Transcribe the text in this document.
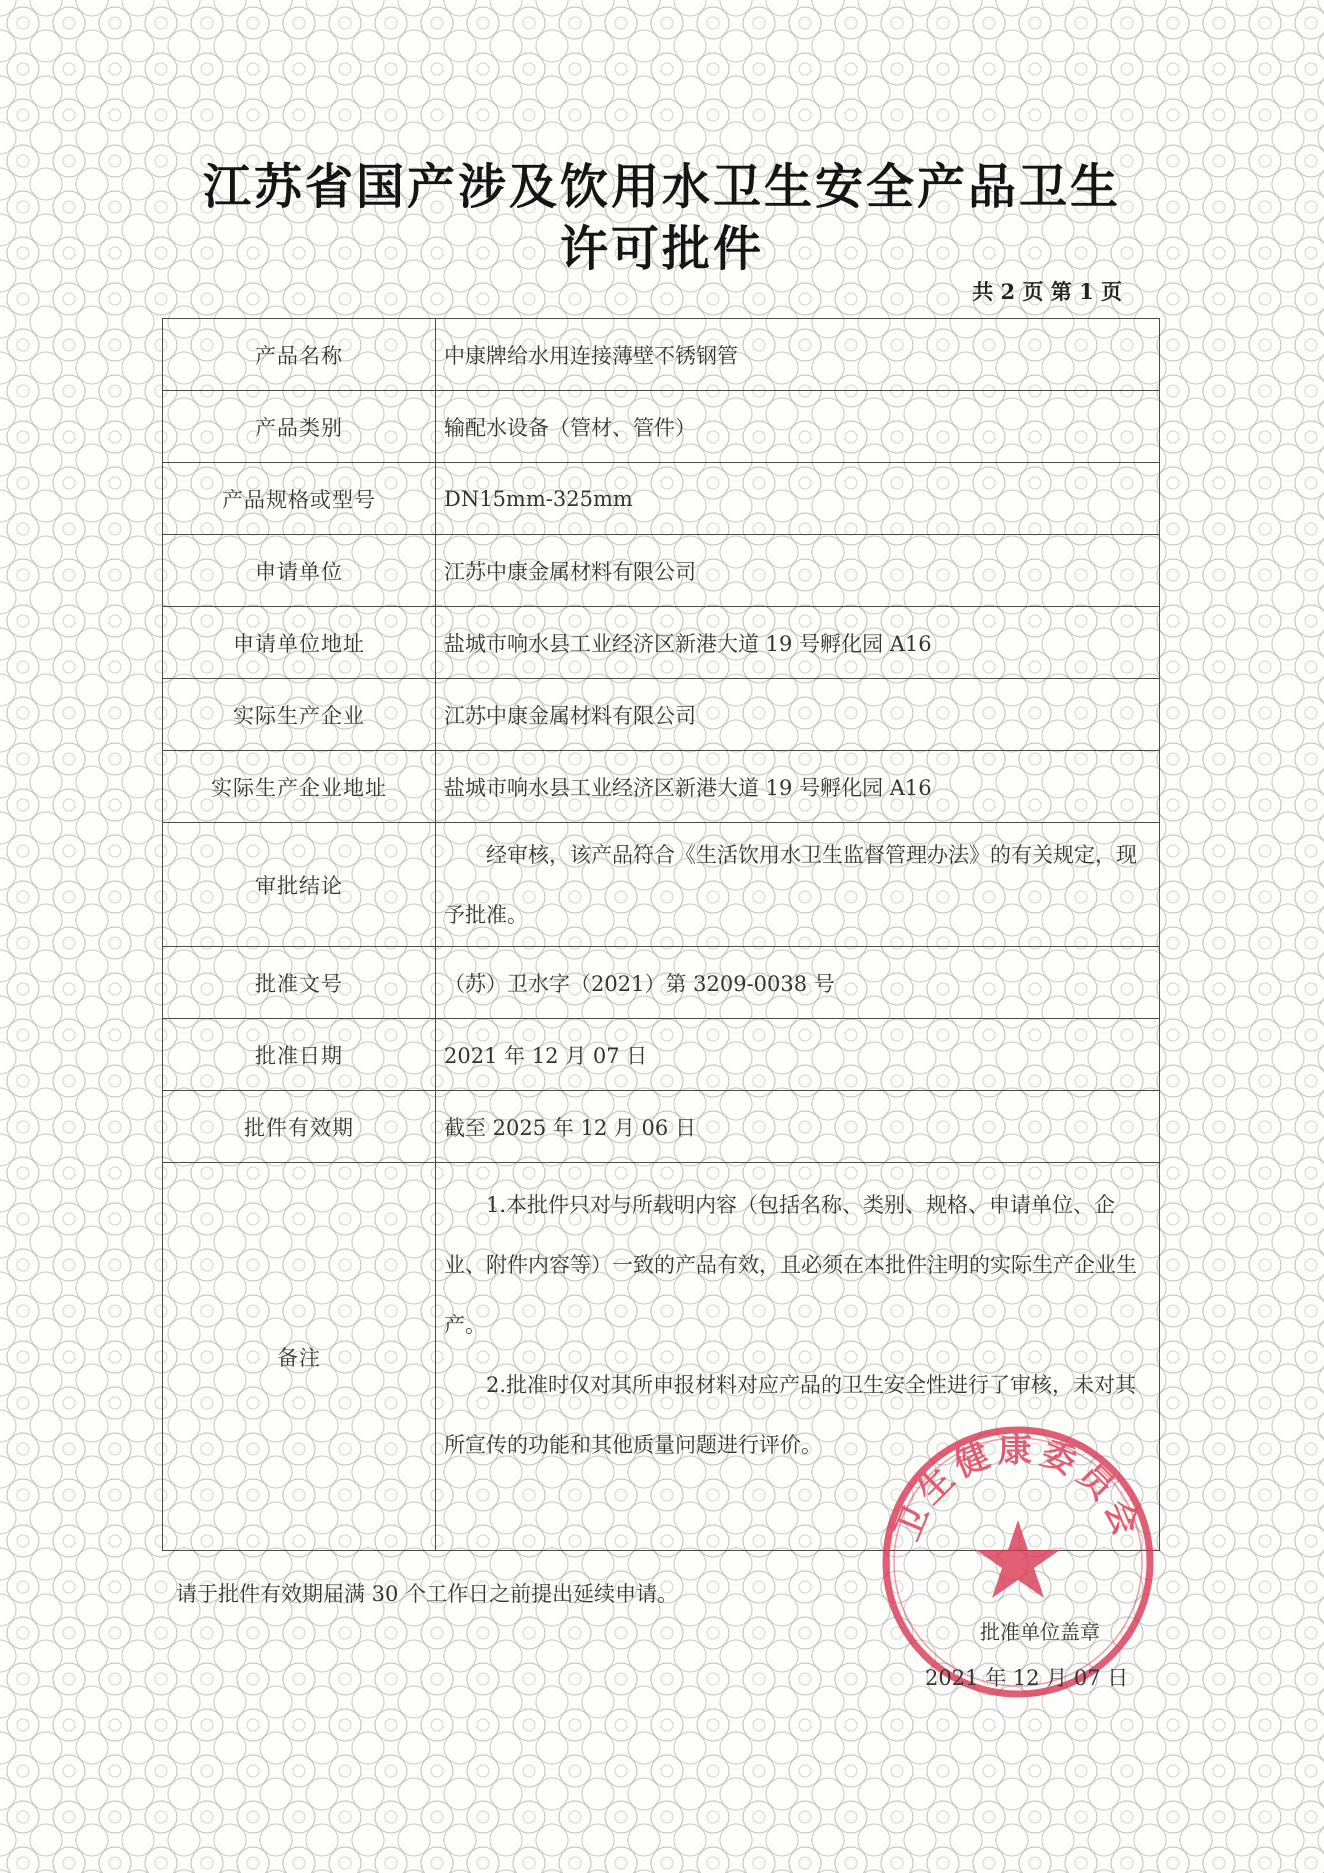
江苏省国产涉及饮用水卫生安全产品卫生
许可批件
共 2 页 第 1 页
产品名称	中康牌给水用连接薄壁不锈钢管
产品类别	输配水设备（管材、管件）
产品规格或型号	DN15mm-325mm
申请单位	江苏中康金属材料有限公司
申请单位地址	盐城市响水县工业经济区新港大道 19 号孵化园 A16
实际生产企业	江苏中康金属材料有限公司
实际生产企业地址	盐城市响水县工业经济区新港大道 19 号孵化园 A16
审批结论	经审核，该产品符合《生活饮用水卫生监督管理办法》的有关规定，现予批准。

批准文号	（苏）卫水字（2021）第 3209-0038 号
批准日期	2021 年 12 月 07 日
批件有效期	截至 2025 年 12 月 06 日
备注	1.本批件只对与所载明内容（包括名称、类别、规格、申请单位、企业、附件内容等）一致的产品有效，且必须在本批件注明的实际生产企业生产。

2.批准时仅对其所申报材料对应产品的卫生安全性进行了审核，未对其所宣传的功能和其他质量问题进行评价。

请于批件有效期届满 30 个工作日之前提出延续申请。
卫生健康委员会
批准单位盖章
2021 年 12 月 07 日
